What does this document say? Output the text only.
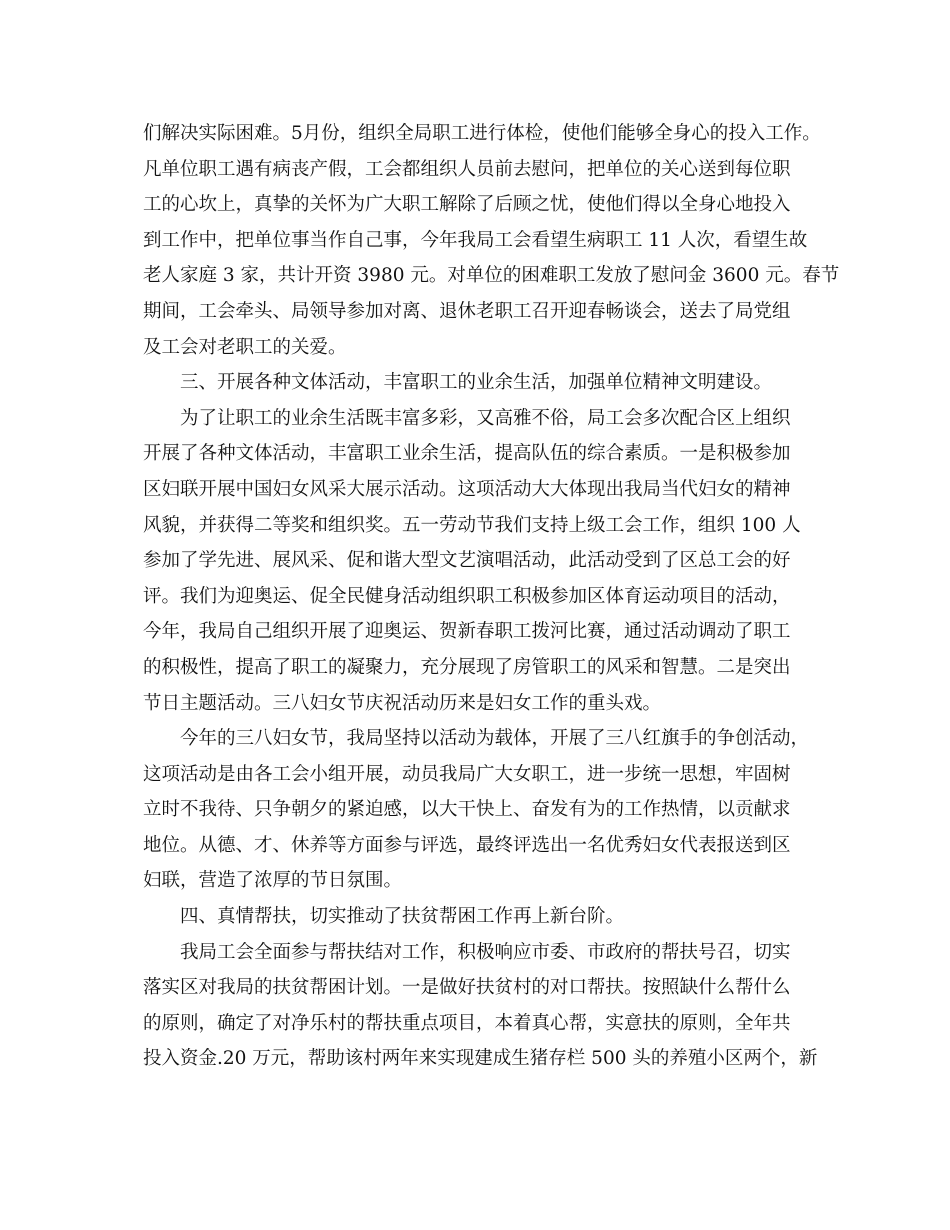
们解决实际困难。5月份，组织全局职工进行体检，使他们能够全身心的投入工作。
凡单位职工遇有病丧产假，工会都组织人员前去慰问，把单位的关心送到每位职
工的心坎上，真挚的关怀为广大职工解除了后顾之忧，使他们得以全身心地投入
到工作中，把单位事当作自己事，今年我局工会看望生病职工 11 人次，看望生故
老人家庭 3 家，共计开资 3980 元。对单位的困难职工发放了慰问金 3600 元。春节
期间，工会牵头、局领导参加对离、退休老职工召开迎春畅谈会，送去了局党组
及工会对老职工的关爱。
三、开展各种文体活动，丰富职工的业余生活，加强单位精神文明建设。
为了让职工的业余生活既丰富多彩，又高雅不俗，局工会多次配合区上组织
开展了各种文体活动，丰富职工业余生活，提高队伍的综合素质。一是积极参加
区妇联开展中国妇女风采大展示活动。这项活动大大体现出我局当代妇女的精神
风貌，并获得二等奖和组织奖。五一劳动节我们支持上级工会工作，组织 100 人
参加了学先进、展风采、促和谐大型文艺演唱活动，此活动受到了区总工会的好
评。我们为迎奥运、促全民健身活动组织职工积极参加区体育运动项目的活动，
今年，我局自己组织开展了迎奥运、贺新春职工拨河比赛，通过活动调动了职工
的积极性，提高了职工的凝聚力，充分展现了房管职工的风采和智慧。二是突出
节日主题活动。三八妇女节庆祝活动历来是妇女工作的重头戏。
今年的三八妇女节，我局坚持以活动为载体，开展了三八红旗手的争创活动，
这项活动是由各工会小组开展，动员我局广大女职工，进一步统一思想，牢固树
立时不我待、只争朝夕的紧迫感，以大干快上、奋发有为的工作热情，以贡献求
地位。从德、才、休养等方面参与评选，最终评选出一名优秀妇女代表报送到区
妇联，营造了浓厚的节日氛围。
四、真情帮扶，切实推动了扶贫帮困工作再上新台阶。
我局工会全面参与帮扶结对工作，积极响应市委、市政府的帮扶号召，切实
落实区对我局的扶贫帮困计划。一是做好扶贫村的对口帮扶。按照缺什么帮什么
的原则，确定了对净乐村的帮扶重点项目，本着真心帮，实意扶的原则，全年共
投入资金.20 万元，帮助该村两年来实现建成生猪存栏 500 头的养殖小区两个，新
